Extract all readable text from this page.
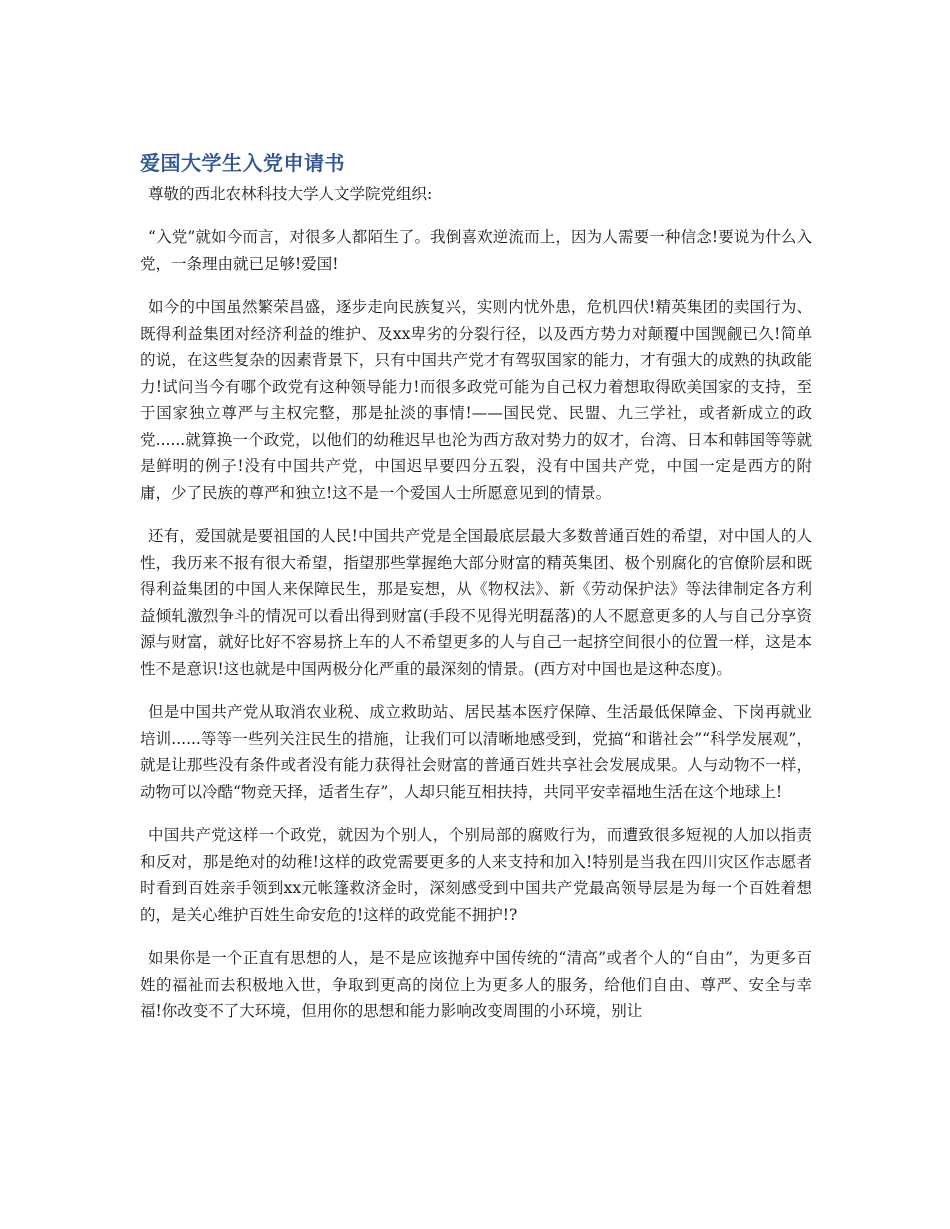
爱国大学生入党申请书

尊敬的西北农林科技大学人文学院党组织:

“入党”就如今而言，对很多人都陌生了。我倒喜欢逆流而上，因为人需要一种信念!要说为什么入党，一条理由就已足够!爱国!

如今的中国虽然繁荣昌盛，逐步走向民族复兴，实则内忧外患，危机四伏!精英集团的卖国行为、既得利益集团对经济利益的维护、及xx卑劣的分裂行径，以及西方势力对颠覆中国觊觎已久!简单的说，在这些复杂的因素背景下，只有中国共产党才有驾驭国家的能力，才有强大的成熟的执政能力!试问当今有哪个政党有这种领导能力!而很多政党可能为自己权力着想取得欧美国家的支持，至于国家独立尊严与主权完整，那是扯淡的事情!——国民党、民盟、九三学社，或者新成立的政党......就算换一个政党，以他们的幼稚迟早也沦为西方敌对势力的奴才，台湾、日本和韩国等等就是鲜明的例子!没有中国共产党，中国迟早要四分五裂，没有中国共产党，中国一定是西方的附庸，少了民族的尊严和独立!这不是一个爱国人士所愿意见到的情景。

还有，爱国就是要祖国的人民!中国共产党是全国最底层最大多数普通百姓的希望，对中国人的人性，我历来不报有很大希望，指望那些掌握绝大部分财富的精英集团、极个别腐化的官僚阶层和既得利益集团的中国人来保障民生，那是妄想，从《物权法》、新《劳动保护法》等法律制定各方利益倾轧激烈争斗的情况可以看出得到财富(手段不见得光明磊落)的人不愿意更多的人与自己分享资源与财富，就好比好不容易挤上车的人不希望更多的人与自己一起挤空间很小的位置一样，这是本性不是意识!这也就是中国两极分化严重的最深刻的情景。(西方对中国也是这种态度)。

但是中国共产党从取消农业税、成立救助站、居民基本医疗保障、生活最低保障金、下岗再就业培训......等等一些列关注民生的措施，让我们可以清晰地感受到，党搞“和谐社会”“科学发展观”，就是让那些没有条件或者没有能力获得社会财富的普通百姓共享社会发展成果。人与动物不一样，动物可以冷酷“物竞天择，适者生存”，人却只能互相扶持，共同平安幸福地生活在这个地球上!

中国共产党这样一个政党，就因为个别人，个别局部的腐败行为，而遭致很多短视的人加以指责和反对，那是绝对的幼稚!这样的政党需要更多的人来支持和加入!特别是当我在四川灾区作志愿者时看到百姓亲手领到xx元帐篷救济金时，深刻感受到中国共产党最高领导层是为每一个百姓着想的，是关心维护百姓生命安危的!这样的政党能不拥护!?

如果你是一个正直有思想的人，是不是应该抛弃中国传统的“清高”或者个人的“自由”，为更多百姓的福祉而去积极地入世，争取到更高的岗位上为更多人的服务，给他们自由、尊严、安全与幸福!你改变不了大环境，但用你的思想和能力影响改变周围的小环境，别让
